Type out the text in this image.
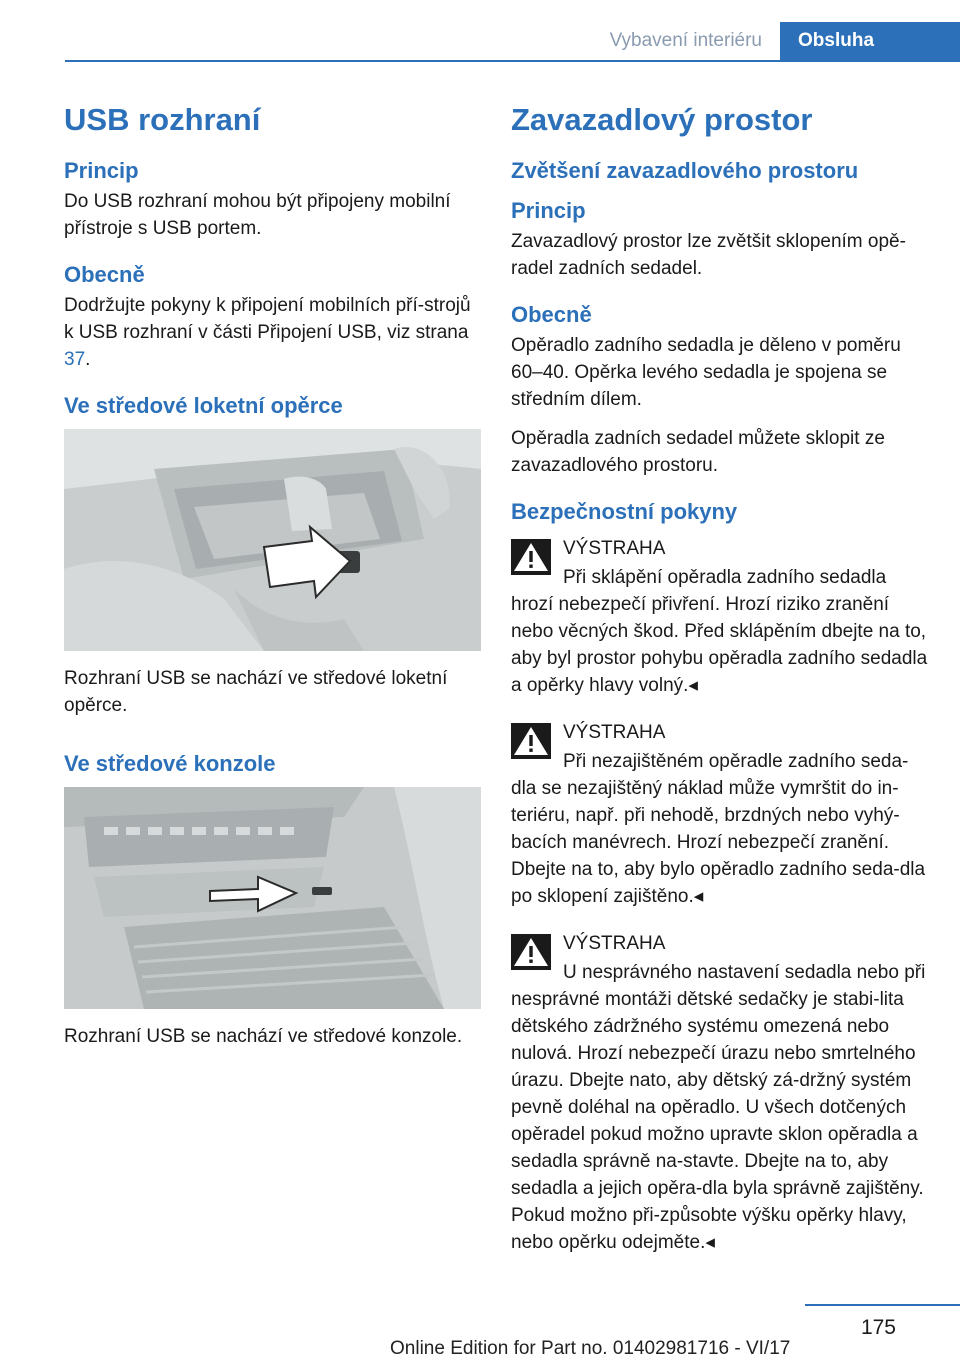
Vybavení interiéru	Obsluha
USB rozhraní
Princip

Do USB rozhraní mohou být připojeny mobilní přístroje s USB portem.

Obecně

Dodržujte pokyny k připojení mobilních pří‐strojů k USB rozhraní v části Připojení USB, viz strana 37.

Ve středové loketní opěrce

Rozhraní USB se nachází ve středové loketní opěrce.

Ve středové konzole

Rozhraní USB se nachází ve středové konzole.

Zavazadlový prostor
Zvětšení zavazadlového prostoru
Princip

Zavazadlový prostor lze zvětšit sklopením opě‐radel zadních sedadel.

Obecně

Opěradlo zadního sedadla je děleno v poměru 60–40. Opěrka levého sedadla je spojena se středním dílem.

Opěradla zadních sedadel můžete sklopit ze zavazadlového prostoru.

Bezpečnostní pokyny

VÝSTRAHA

Při sklápění opěradla zadního sedadla hrozí nebezpečí přivření. Hrozí riziko zranění nebo věcných škod. Před sklápěním dbejte na to, aby byl prostor pohybu opěradla zadního sedadla a opěrky hlavy volný.◂

VÝSTRAHA

Při nezajištěném opěradle zadního seda‐dla se nezajištěný náklad může vymrštit do in‐teriéru, např. při nehodě, brzdných nebo vyhý‐bacích manévrech. Hrozí nebezpečí zranění. Dbejte na to, aby bylo opěradlo zadního seda‐dla po sklopení zajištěno.◂

VÝSTRAHA

U nesprávného nastavení sedadla nebo při nesprávné montáži dětské sedačky je stabi‐lita dětského zádržného systému omezená nebo nulová. Hrozí nebezpečí úrazu nebo smrtelného úrazu. Dbejte nato, aby dětský zá‐držný systém pevně doléhal na opěradlo. U všech dotčených opěradel pokud možno upravte sklon opěradla a sedadla správně na‐stavte. Dbejte na to, aby sedadla a jejich opěra‐dla byla správně zajištěny. Pokud možno při‐způsobte výšku opěrky hlavy, nebo opěrku odejměte.◂

175
Online Edition for Part no. 01402981716 - VI/17
